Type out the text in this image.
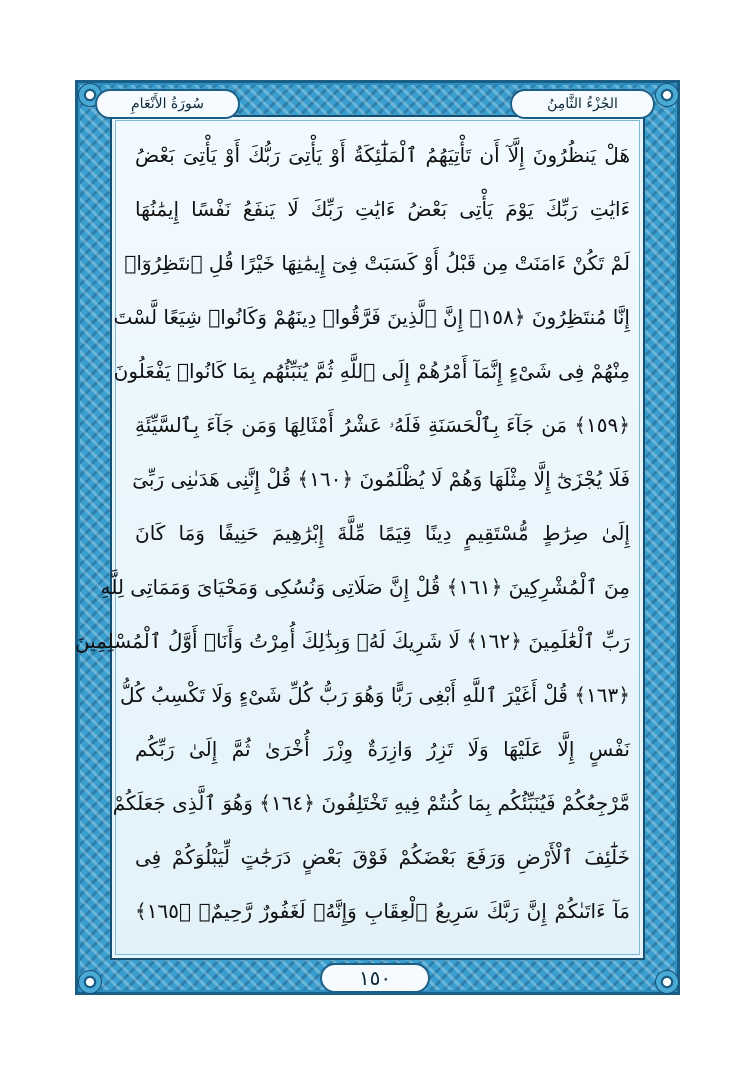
سُورَةُ الأَنْعَامِ	الجُزْءُ الثَّامِنُ
هَلْ يَنظُرُونَ إِلَّآ أَن تَأْتِيَهُمُ ٱلْمَلَٰٓئِكَةُ أَوْ يَأْتِىَ رَبُّكَ أَوْ يَأْتِىَ بَعْضُ
ءَايَٰتِ رَبِّكَ يَوْمَ يَأْتِى بَعْضُ ءَايَٰتِ رَبِّكَ لَا يَنفَعُ نَفْسًا إِيمَٰنُهَا
لَمْ تَكُنْ ءَامَنَتْ مِن قَبْلُ أَوْ كَسَبَتْ فِىٓ إِيمَٰنِهَا خَيْرًا قُلِ ٱنتَظِرُوٓا۟
إِنَّا مُنتَظِرُونَ ﴿١٥٨﴾ إِنَّ ٱلَّذِينَ فَرَّقُوا۟ دِينَهُمْ وَكَانُوا۟ شِيَعًا لَّسْتَ
مِنْهُمْ فِى شَىْءٍ إِنَّمَآ أَمْرُهُمْ إِلَى ٱللَّهِ ثُمَّ يُنَبِّئُهُم بِمَا كَانُوا۟ يَفْعَلُونَ
﴿١٥٩﴾ مَن جَآءَ بِٱلْحَسَنَةِ فَلَهُۥ عَشْرُ أَمْثَالِهَا وَمَن جَآءَ بِٱلسَّيِّئَةِ
فَلَا يُجْزَىٰٓ إِلَّا مِثْلَهَا وَهُمْ لَا يُظْلَمُونَ ﴿١٦٠﴾ قُلْ إِنَّنِى هَدَىٰنِى رَبِّىٓ
إِلَىٰ صِرَٰطٍ مُّسْتَقِيمٍ دِينًا قِيَمًا مِّلَّةَ إِبْرَٰهِيمَ حَنِيفًا وَمَا كَانَ
مِنَ ٱلْمُشْرِكِينَ ﴿١٦١﴾ قُلْ إِنَّ صَلَاتِى وَنُسُكِى وَمَحْيَاىَ وَمَمَاتِى لِلَّهِ
رَبِّ ٱلْعَٰلَمِينَ ﴿١٦٢﴾ لَا شَرِيكَ لَهُۥ وَبِذَٰلِكَ أُمِرْتُ وَأَنَا۠ أَوَّلُ ٱلْمُسْلِمِينَ
﴿١٦٣﴾ قُلْ أَغَيْرَ ٱللَّهِ أَبْغِى رَبًّا وَهُوَ رَبُّ كُلِّ شَىْءٍ وَلَا تَكْسِبُ كُلُّ
نَفْسٍ إِلَّا عَلَيْهَا وَلَا تَزِرُ وَازِرَةٌ وِزْرَ أُخْرَىٰ ثُمَّ إِلَىٰ رَبِّكُم
مَّرْجِعُكُمْ فَيُنَبِّئُكُم بِمَا كُنتُمْ فِيهِ تَخْتَلِفُونَ ﴿١٦٤﴾ وَهُوَ ٱلَّذِى جَعَلَكُمْ
خَلَٰٓئِفَ ٱلْأَرْضِ وَرَفَعَ بَعْضَكُمْ فَوْقَ بَعْضٍ دَرَجَٰتٍ لِّيَبْلُوَكُمْ فِى
مَآ ءَاتَىٰكُمْ إِنَّ رَبَّكَ سَرِيعُ ٱلْعِقَابِ وَإِنَّهُۥ لَغَفُورٌ رَّحِيمٌۢ ﴿١٦٥﴾
١٥٠
